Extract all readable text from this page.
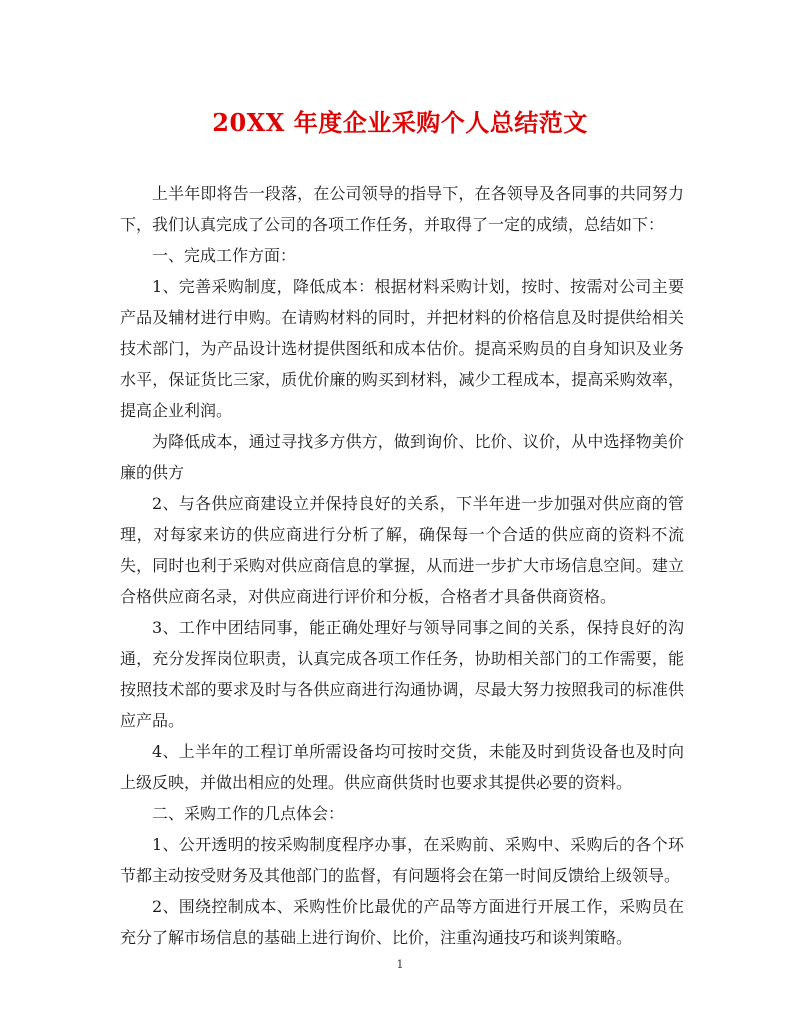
20XX 年度企业采购个人总结范文

上半年即将告一段落，在公司领导的指导下，在各领导及各同事的共同努力下，我们认真完成了公司的各项工作任务，并取得了一定的成绩，总结如下：

一、完成工作方面：

1、完善采购制度，降低成本：根据材料采购计划，按时、按需对公司主要产品及辅材进行申购。在请购材料的同时，并把材料的价格信息及时提供给相关技术部门，为产品设计选材提供图纸和成本估价。提高采购员的自身知识及业务水平，保证货比三家，质优价廉的购买到材料，减少工程成本，提高采购效率，提高企业利润。

为降低成本，通过寻找多方供方，做到询价、比价、议价，从中选择物美价廉的供方

2、与各供应商建设立并保持良好的关系，下半年进一步加强对供应商的管理，对每家来访的供应商进行分析了解，确保每一个合适的供应商的资料不流失，同时也利于采购对供应商信息的掌握，从而进一步扩大市场信息空间。建立合格供应商名录，对供应商进行评价和分板，合格者才具备供商资格。

3、工作中团结同事，能正确处理好与领导同事之间的关系，保持良好的沟通，充分发挥岗位职责，认真完成各项工作任务，协助相关部门的工作需要，能按照技术部的要求及时与各供应商进行沟通协调，尽最大努力按照我司的标准供应产品。

4、上半年的工程订单所需设备均可按时交货，未能及时到货设备也及时向上级反映，并做出相应的处理。供应商供货时也要求其提供必要的资料。

二、采购工作的几点体会：

1、公开透明的按采购制度程序办事，在采购前、采购中、采购后的各个环节都主动按受财务及其他部门的监督，有问题将会在第一时间反馈给上级领导。

2、围绕控制成本、采购性价比最优的产品等方面进行开展工作，采购员在充分了解市场信息的基础上进行询价、比价，注重沟通技巧和谈判策略。

1
